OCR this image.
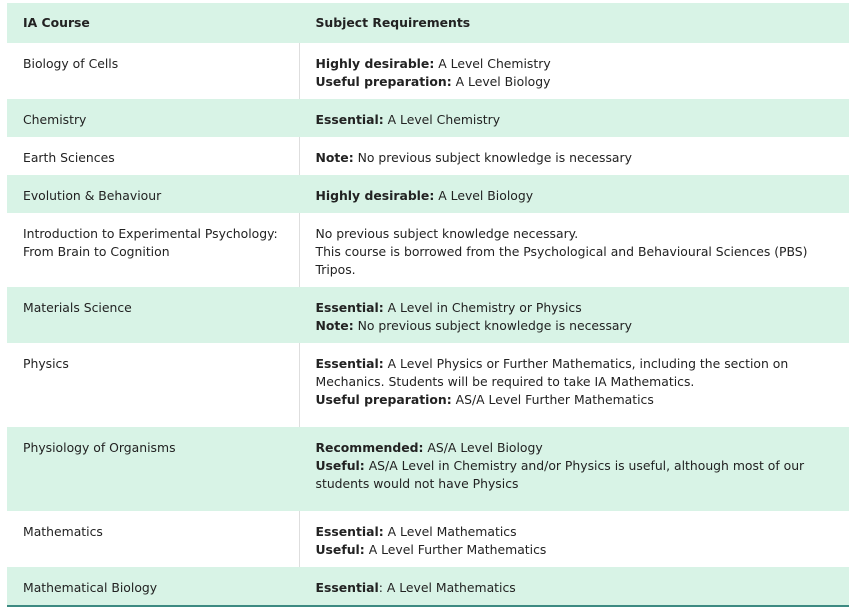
IA Course	Subject Requirements

Biology of Cells	Highly desirable: A Level Chemistry
Useful preparation: A Level Biology

Chemistry	Essential: A Level Chemistry

Earth Sciences	Note: No previous subject knowledge is necessary

Evolution & Behaviour	Highly desirable: A Level Biology

Introduction to Experimental Psychology:
From Brain to Cognition	No previous subject knowledge necessary.
This course is borrowed from the Psychological and Behavioural Sciences (PBS)
Tripos.

Materials Science	Essential: A Level in Chemistry or Physics
Note: No previous subject knowledge is necessary

Physics	Essential: A Level Physics or Further Mathematics, including the section on
Mechanics. Students will be required to take IA Mathematics.
Useful preparation: AS/A Level Further Mathematics

Physiology of Organisms	Recommended: AS/A Level Biology
Useful: AS/A Level in Chemistry and/or Physics is useful, although most of our
students would not have Physics

Mathematics	Essential: A Level Mathematics
Useful: A Level Further Mathematics

Mathematical Biology	Essential: A Level Mathematics
